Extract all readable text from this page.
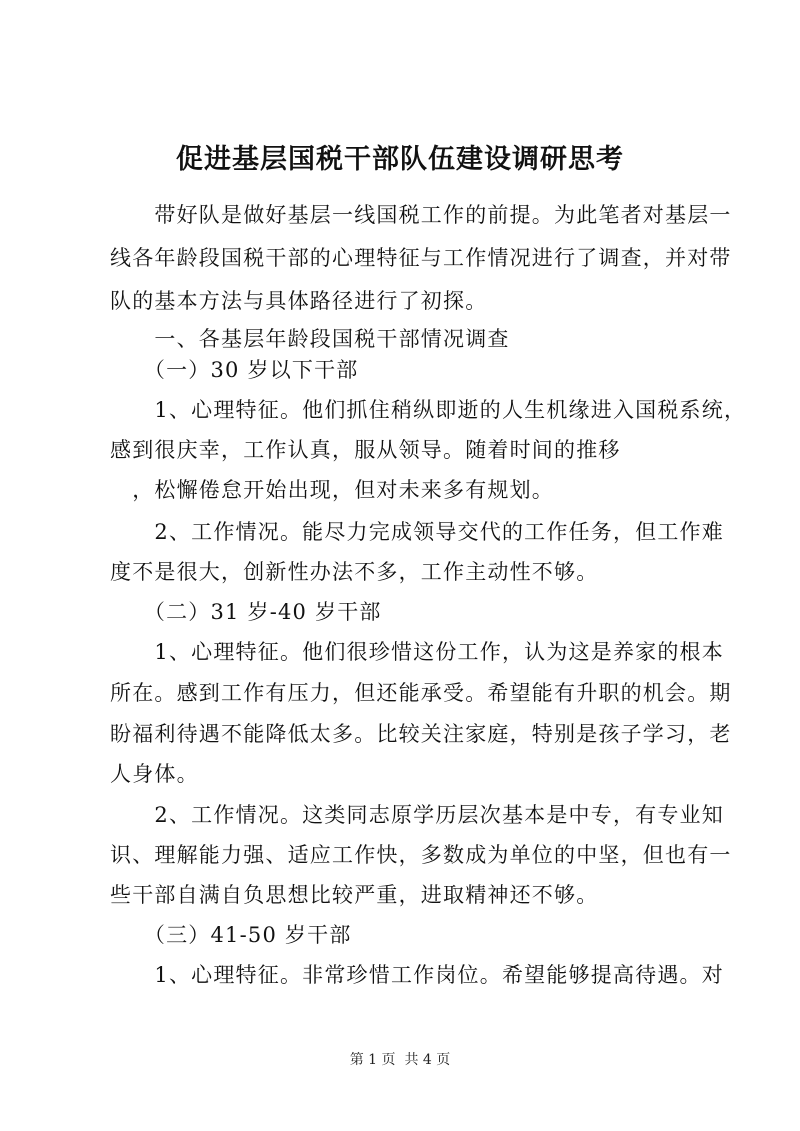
促进基层国税干部队伍建设调研思考
　　带好队是做好基层一线国税工作的前提。为此笔者对基层一
线各年龄段国税干部的心理特征与工作情况进行了调查，并对带
队的基本方法与具体路径进行了初探。
　　一、各基层年龄段国税干部情况调查
　　（一）30 岁以下干部
　　1、心理特征。他们抓住稍纵即逝的人生机缘进入国税系统，
感到很庆幸，工作认真，服从领导。随着时间的推移
　，松懈倦怠开始出现，但对未来多有规划。
　　2、工作情况。能尽力完成领导交代的工作任务，但工作难
度不是很大，创新性办法不多，工作主动性不够。
　　（二）31 岁-40 岁干部
　　1、心理特征。他们很珍惜这份工作，认为这是养家的根本
所在。感到工作有压力，但还能承受。希望能有升职的机会。期
盼福利待遇不能降低太多。比较关注家庭，特别是孩子学习，老
人身体。
　　2、工作情况。这类同志原学历层次基本是中专，有专业知
识、理解能力强、适应工作快，多数成为单位的中坚，但也有一
些干部自满自负思想比较严重，进取精神还不够。
　　（三）41-50 岁干部
　　1、心理特征。非常珍惜工作岗位。希望能够提高待遇。对
第 1 页  共 4 页
